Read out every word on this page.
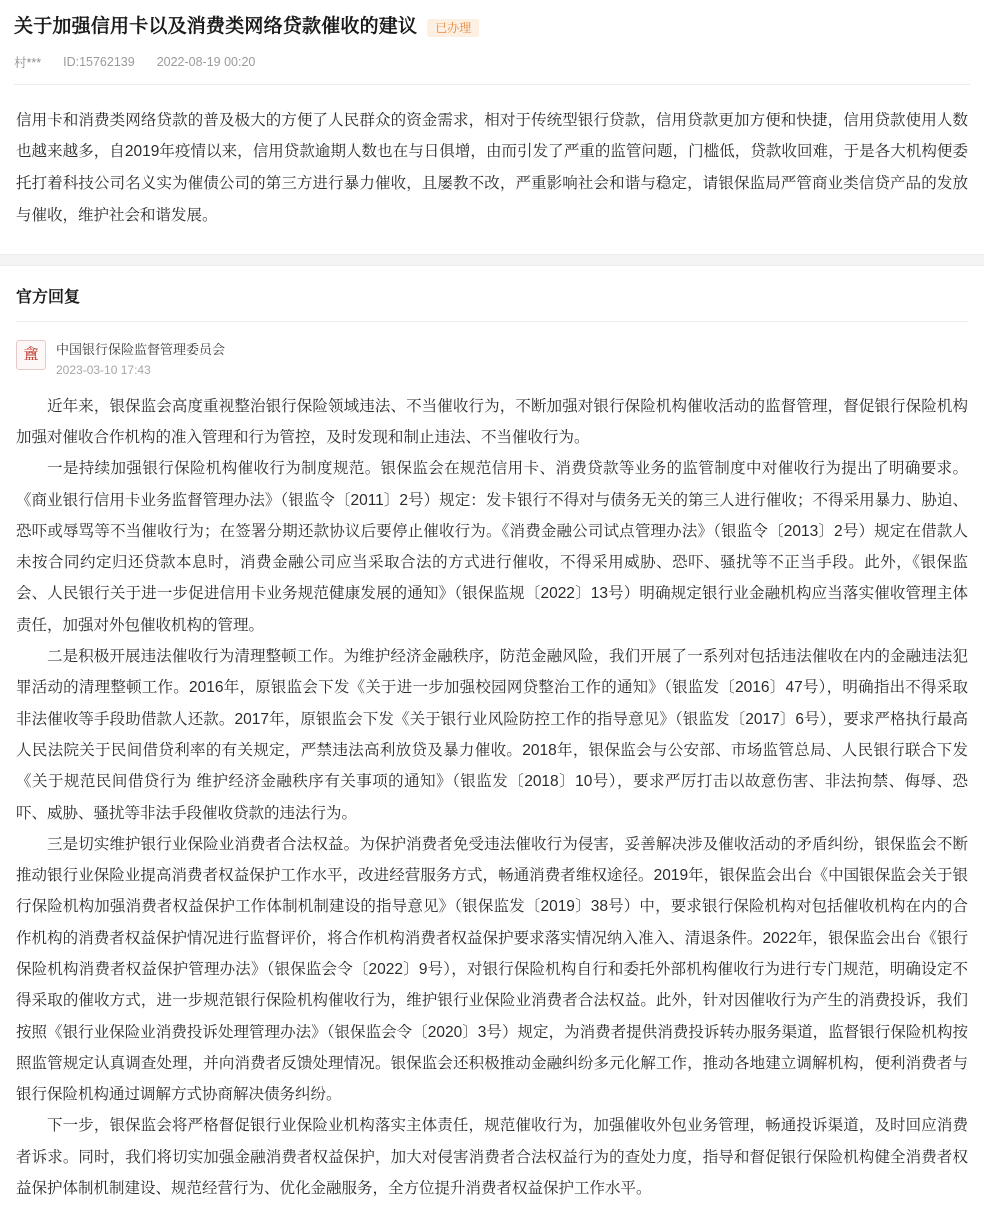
关于加强信用卡以及消费类网络贷款催收的建议	已办理
村*** ID:15762139 2022-08-19 00:20

信用卡和消费类网络贷款的普及极大的方便了人民群众的资金需求，相对于传统型银行贷款，信用贷款更加方便和快捷，信用贷款使用人数也越来越多，自2019年疫情以来，信用贷款逾期人数也在与日俱增，由而引发了严重的监管问题，门槛低，贷款收回难，于是各大机构便委托打着科技公司名义实为催债公司的第三方进行暴力催收，且屡教不改，严重影响社会和谐与稳定，请银保监局严管商业类信贷产品的发放与催收，维护社会和谐发展。

官方回复
盦	中国银行保险监督管理委员会
2023-03-10 17:43

近年来，银保监会高度重视整治银行保险领域违法、不当催收行为，不断加强对银行保险机构催收活动的监督管理，督促银行保险机构加强对催收合作机构的准入管理和行为管控，及时发现和制止违法、不当催收行为。

一是持续加强银行保险机构催收行为制度规范。银保监会在规范信用卡、消费贷款等业务的监管制度中对催收行为提出了明确要求。《商业银行信用卡业务监督管理办法》（银监令〔2011〕2号）规定：发卡银行不得对与债务无关的第三人进行催收；不得采用暴力、胁迫、恐吓或辱骂等不当催收行为；在签署分期还款协议后要停止催收行为。《消费金融公司试点管理办法》（银监令〔2013〕2号）规定在借款人未按合同约定归还贷款本息时，消费金融公司应当采取合法的方式进行催收，不得采用威胁、恐吓、骚扰等不正当手段。此外，《银保监会、人民银行关于进一步促进信用卡业务规范健康发展的通知》（银保监规〔2022〕13号）明确规定银行业金融机构应当落实催收管理主体责任，加强对外包催收机构的管理。

二是积极开展违法催收行为清理整顿工作。为维护经济金融秩序，防范金融风险，我们开展了一系列对包括违法催收在内的金融违法犯罪活动的清理整顿工作。2016年，原银监会下发《关于进一步加强校园网贷整治工作的通知》（银监发〔2016〕47号），明确指出不得采取非法催收等手段助借款人还款。2017年，原银监会下发《关于银行业风险防控工作的指导意见》（银监发〔2017〕6号），要求严格执行最高人民法院关于民间借贷利率的有关规定，严禁违法高利放贷及暴力催收。2018年，银保监会与公安部、市场监管总局、人民银行联合下发《关于规范民间借贷行为 维护经济金融秩序有关事项的通知》（银监发〔2018〕10号），要求严厉打击以故意伤害、非法拘禁、侮辱、恐吓、威胁、骚扰等非法手段催收贷款的违法行为。

三是切实维护银行业保险业消费者合法权益。为保护消费者免受违法催收行为侵害，妥善解决涉及催收活动的矛盾纠纷，银保监会不断推动银行业保险业提高消费者权益保护工作水平，改进经营服务方式，畅通消费者维权途径。2019年，银保监会出台《中国银保监会关于银行保险机构加强消费者权益保护工作体制机制建设的指导意见》（银保监发〔2019〕38号）中，要求银行保险机构对包括催收机构在内的合作机构的消费者权益保护情况进行监督评价，将合作机构消费者权益保护要求落实情况纳入准入、清退条件。2022年，银保监会出台《银行保险机构消费者权益保护管理办法》（银保监会令〔2022〕9号），对银行保险机构自行和委托外部机构催收行为进行专门规范，明确设定不得采取的催收方式，进一步规范银行保险机构催收行为，维护银行业保险业消费者合法权益。此外，针对因催收行为产生的消费投诉，我们按照《银行业保险业消费投诉处理管理办法》（银保监会令〔2020〕3号）规定，为消费者提供消费投诉转办服务渠道，监督银行保险机构按照监管规定认真调查处理，并向消费者反馈处理情况。银保监会还积极推动金融纠纷多元化解工作，推动各地建立调解机构，便利消费者与银行保险机构通过调解方式协商解决债务纠纷。

下一步，银保监会将严格督促银行业保险业机构落实主体责任，规范催收行为，加强催收外包业务管理，畅通投诉渠道，及时回应消费者诉求。同时，我们将切实加强金融消费者权益保护，加大对侵害消费者合法权益行为的查处力度，指导和督促银行保险机构健全消费者权益保护体制机制建设、规范经营行为、优化金融服务，全方位提升消费者权益保护工作水平。
